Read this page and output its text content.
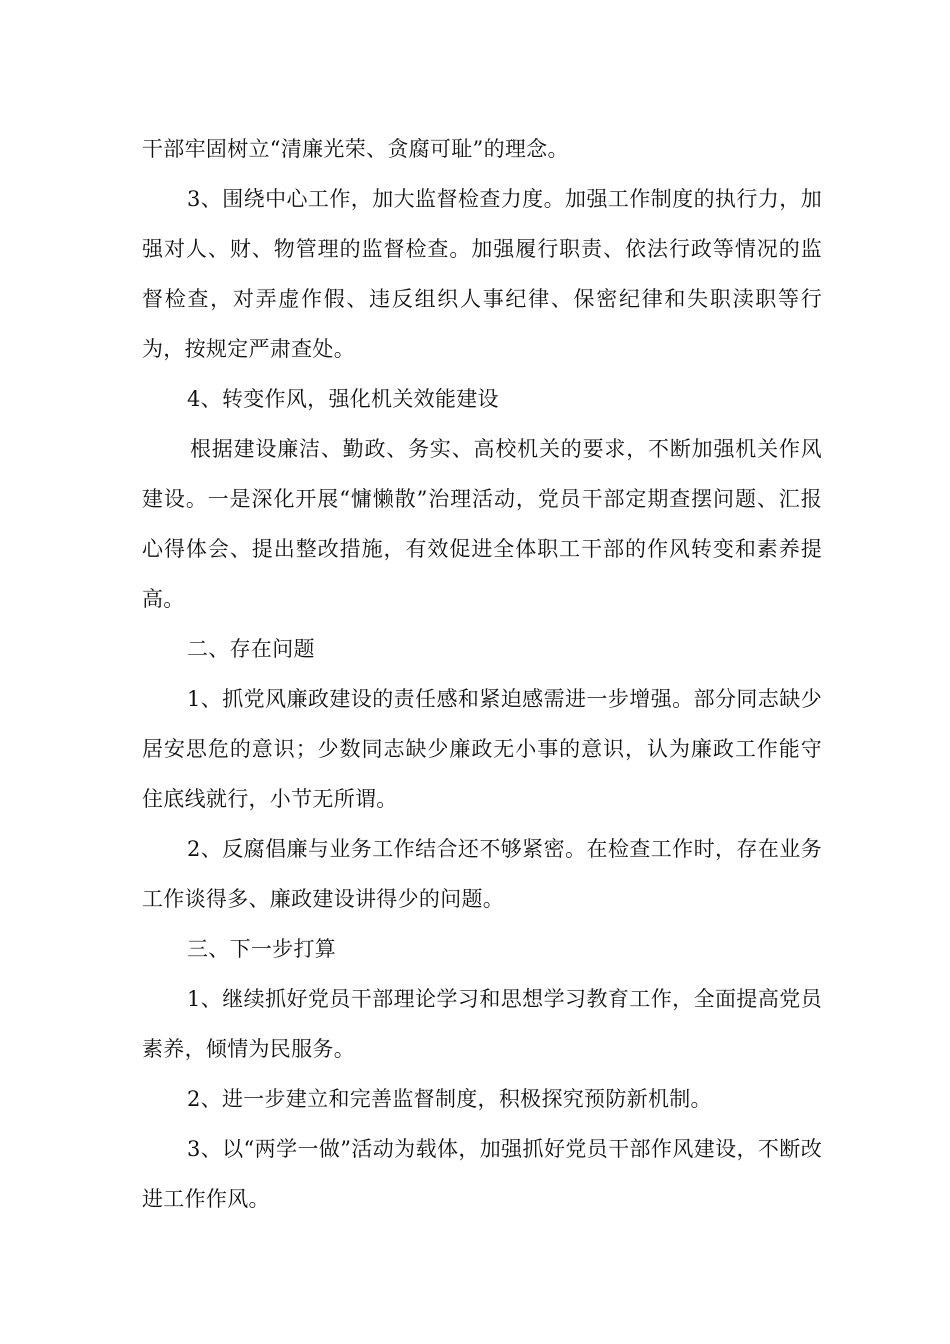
干部牢固树立“清廉光荣、贪腐可耻”的理念。

3、围绕中心工作，加大监督检查力度。加强工作制度的执行力，加强对人、财、物管理的监督检查。加强履行职责、依法行政等情况的监督检查，对弄虚作假、违反组织人事纪律、保密纪律和失职渎职等行为，按规定严肃查处。

4、转变作风，强化机关效能建设

根据建设廉洁、勤政、务实、高校机关的要求，不断加强机关作风建设。一是深化开展“慵懒散”治理活动，党员干部定期查摆问题、汇报心得体会、提出整改措施，有效促进全体职工干部的作风转变和素养提高。

二、存在问题

1、抓党风廉政建设的责任感和紧迫感需进一步增强。部分同志缺少居安思危的意识；少数同志缺少廉政无小事的意识，认为廉政工作能守住底线就行，小节无所谓。

2、反腐倡廉与业务工作结合还不够紧密。在检查工作时，存在业务工作谈得多、廉政建设讲得少的问题。

三、下一步打算

1、继续抓好党员干部理论学习和思想学习教育工作，全面提高党员素养，倾情为民服务。

2、进一步建立和完善监督制度，积极探究预防新机制。

3、以“两学一做”活动为载体，加强抓好党员干部作风建设，不断改进工作作风。
